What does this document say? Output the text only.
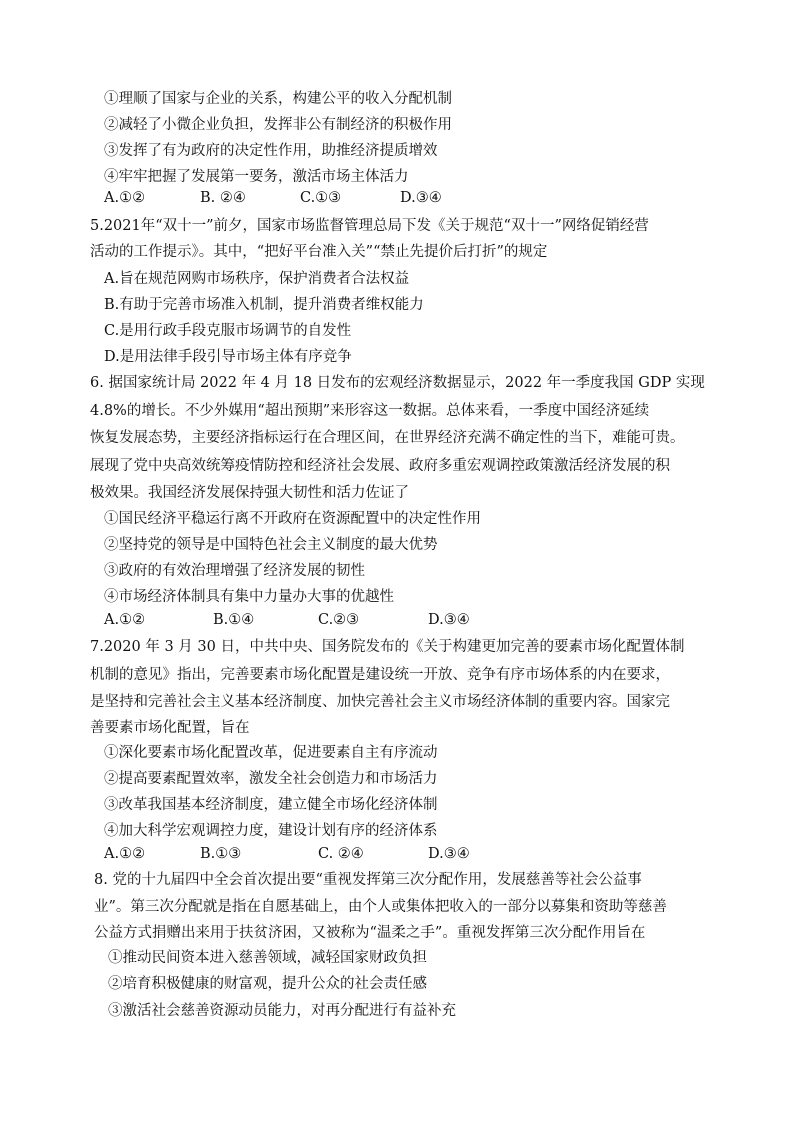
①理顺了国家与企业的关系，构建公平的收入分配机制
②减轻了小微企业负担，发挥非公有制经济的积极作用
③发挥了有为政府的决定性作用，助推经济提质增效
④牢牢把握了发展第一要务，激活市场主体活力
A.①②	B. ②④	C.①③	D.③④
5.2021年“双十一”前夕，国家市场监督管理总局下发《关于规范“双十一”网络促销经营
活动的工作提示》。其中，“把好平台准入关”“禁止先提价后打折”的规定
A.旨在规范网购市场秩序，保护消费者合法权益
B.有助于完善市场准入机制，提升消费者维权能力
C.是用行政手段克服市场调节的自发性
D.是用法律手段引导市场主体有序竞争
6. 据国家统计局 2022 年 4 月 18 日发布的宏观经济数据显示，2022 年一季度我国 GDP 实现
4.8%的增长。不少外媒用“超出预期”来形容这一数据。总体来看，一季度中国经济延续
恢复发展态势，主要经济指标运行在合理区间，在世界经济充满不确定性的当下，难能可贵。
展现了党中央高效统筹疫情防控和经济社会发展、政府多重宏观调控政策激活经济发展的积
极效果。我国经济发展保持强大韧性和活力佐证了
①国民经济平稳运行离不开政府在资源配置中的决定性作用
②坚持党的领导是中国特色社会主义制度的最大优势
③政府的有效治理增强了经济发展的韧性
④市场经济体制具有集中力量办大事的优越性
A.①②	B.①④	C.②③	D.③④
7.2020 年 3 月 30 日，中共中央、国务院发布的《关于构建更加完善的要素市场化配置体制
机制的意见》指出，完善要素市场化配置是建设统一开放、竞争有序市场体系的内在要求，
是坚持和完善社会主义基本经济制度、加快完善社会主义市场经济体制的重要内容。国家完
善要素市场化配置，旨在
①深化要素市场化配置改革，促进要素自主有序流动
②提高要素配置效率，激发全社会创造力和市场活力
③改革我国基本经济制度，建立健全市场化经济体制
④加大科学宏观调控力度，建设计划有序的经济体系
A.①②	B.①③	C. ②④	D.③④
8. 党的十九届四中全会首次提出要“重视发挥第三次分配作用，发展慈善等社会公益事
业”。第三次分配就是指在自愿基础上，由个人或集体把收入的一部分以募集和资助等慈善
公益方式捐赠出来用于扶贫济困，又被称为“温柔之手”。重视发挥第三次分配作用旨在
①推动民间资本进入慈善领域，减轻国家财政负担
②培育积极健康的财富观，提升公众的社会责任感
③激活社会慈善资源动员能力，对再分配进行有益补充
